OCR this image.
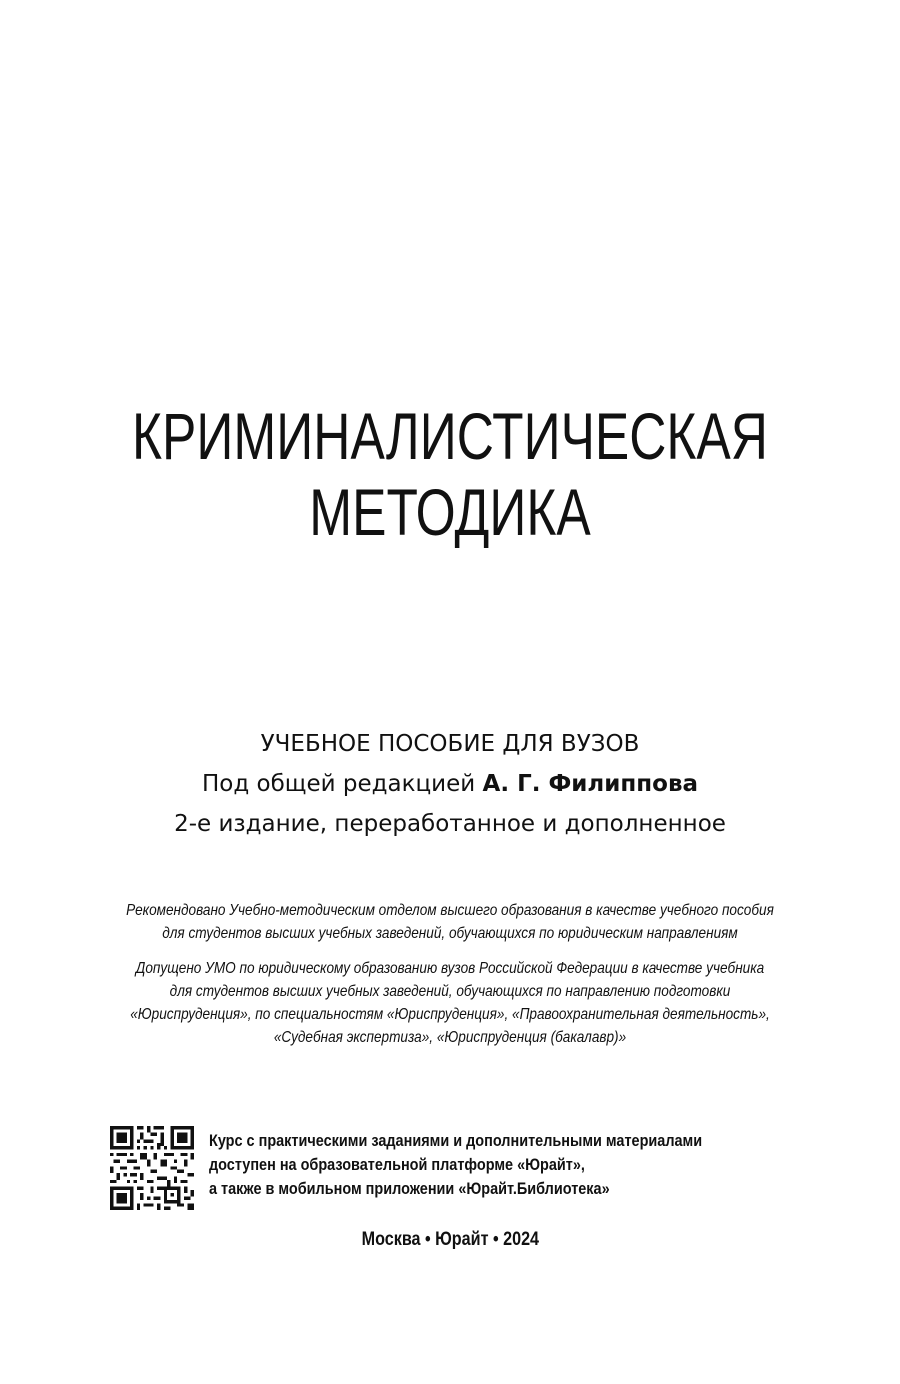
КРИМИНАЛИСТИЧЕСКАЯ
МЕТОДИКА
УЧЕБНОЕ ПОСОБИЕ ДЛЯ ВУЗОВ
Под общей редакцией А. Г. Филиппова
2-е издание, переработанное и дополненное
Рекомендовано Учебно-методическим отделом высшего образования в качестве учебного пособия
для студентов высших учебных заведений, обучающихся по юридическим направлениям
Допущено УМО по юридическому образованию вузов Российской Федерации в качестве учебника
для студентов высших учебных заведений, обучающихся по направлению подготовки
«Юриспруденция», по специальностям «Юриспруденция», «Правоохранительная деятельность»,
«Судебная экспертиза», «Юриспруденция (бакалавр)»
Курс с практическими заданиями и дополнительными материалами
доступен на образовательной платформе «Юрайт»,
а также в мобильном приложении «Юрайт.Библиотека»
Москва • Юрайт • 2024
